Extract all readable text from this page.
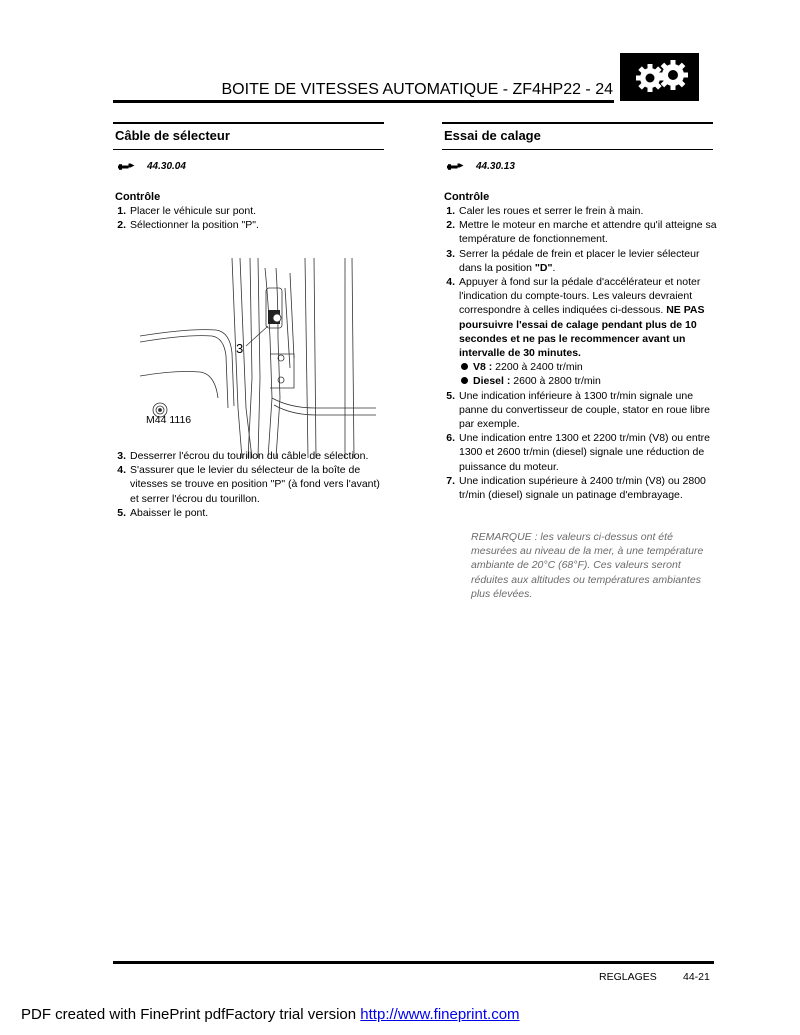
BOITE DE VITESSES AUTOMATIQUE - ZF4HP22 - 24
Câble de sélecteur
44.30.04
Contrôle
1 . Placer le véhicule sur pont.
2 . Sélectionner la position "P".
M44 1116
3
3 . Desserrer l'écrou du tourillon du câble de sélection.
4 . S'assurer que le levier du sélecteur de la boîte de vitesses se trouve en position "P" (à fond vers l'avant) et serrer l'écrou du tourillon.
5 . Abaisser le pont.
Essai de calage
44.30.13
Contrôle
1 . Caler les roues et serrer le frein à main.
2 . Mettre le moteur en marche et attendre qu'il atteigne sa température de fonctionnement.
3 . Serrer la pédale de frein et placer le levier sélecteur dans la position "D".
4 . Appuyer à fond sur la pédale d'accélérateur et noter l'indication du compte-tours. Les valeurs devraient correspondre à celles indiquées ci-dessous. NE PAS poursuivre l'essai de calage pendant plus de 10 secondes et ne pas le recommencer avant un intervalle de 30 minutes.
V8 : 2200 à 2400 tr/min
Diesel : 2600 à 2800 tr/min
5 . Une indication inférieure à 1300 tr/min signale une panne du convertisseur de couple, stator en roue libre par exemple.
6 . Une indication entre 1300 et 2200 tr/min (V8) ou entre 1300 et 2600 tr/min (diesel) signale une réduction de puissance du moteur.
7 . Une indication supérieure à 2400 tr/min (V8) ou 2800 tr/min (diesel) signale un patinage d'embrayage.
REMARQUE : les valeurs ci-dessus ont été mesurées au niveau de la mer, à une température ambiante de 20°C (68°F). Ces valeurs seront réduites aux altitudes ou températures ambiantes plus élevées.
REGLAGES 44-21
PDF created with FinePrint pdfFactory trial version http://www.fineprint.com
